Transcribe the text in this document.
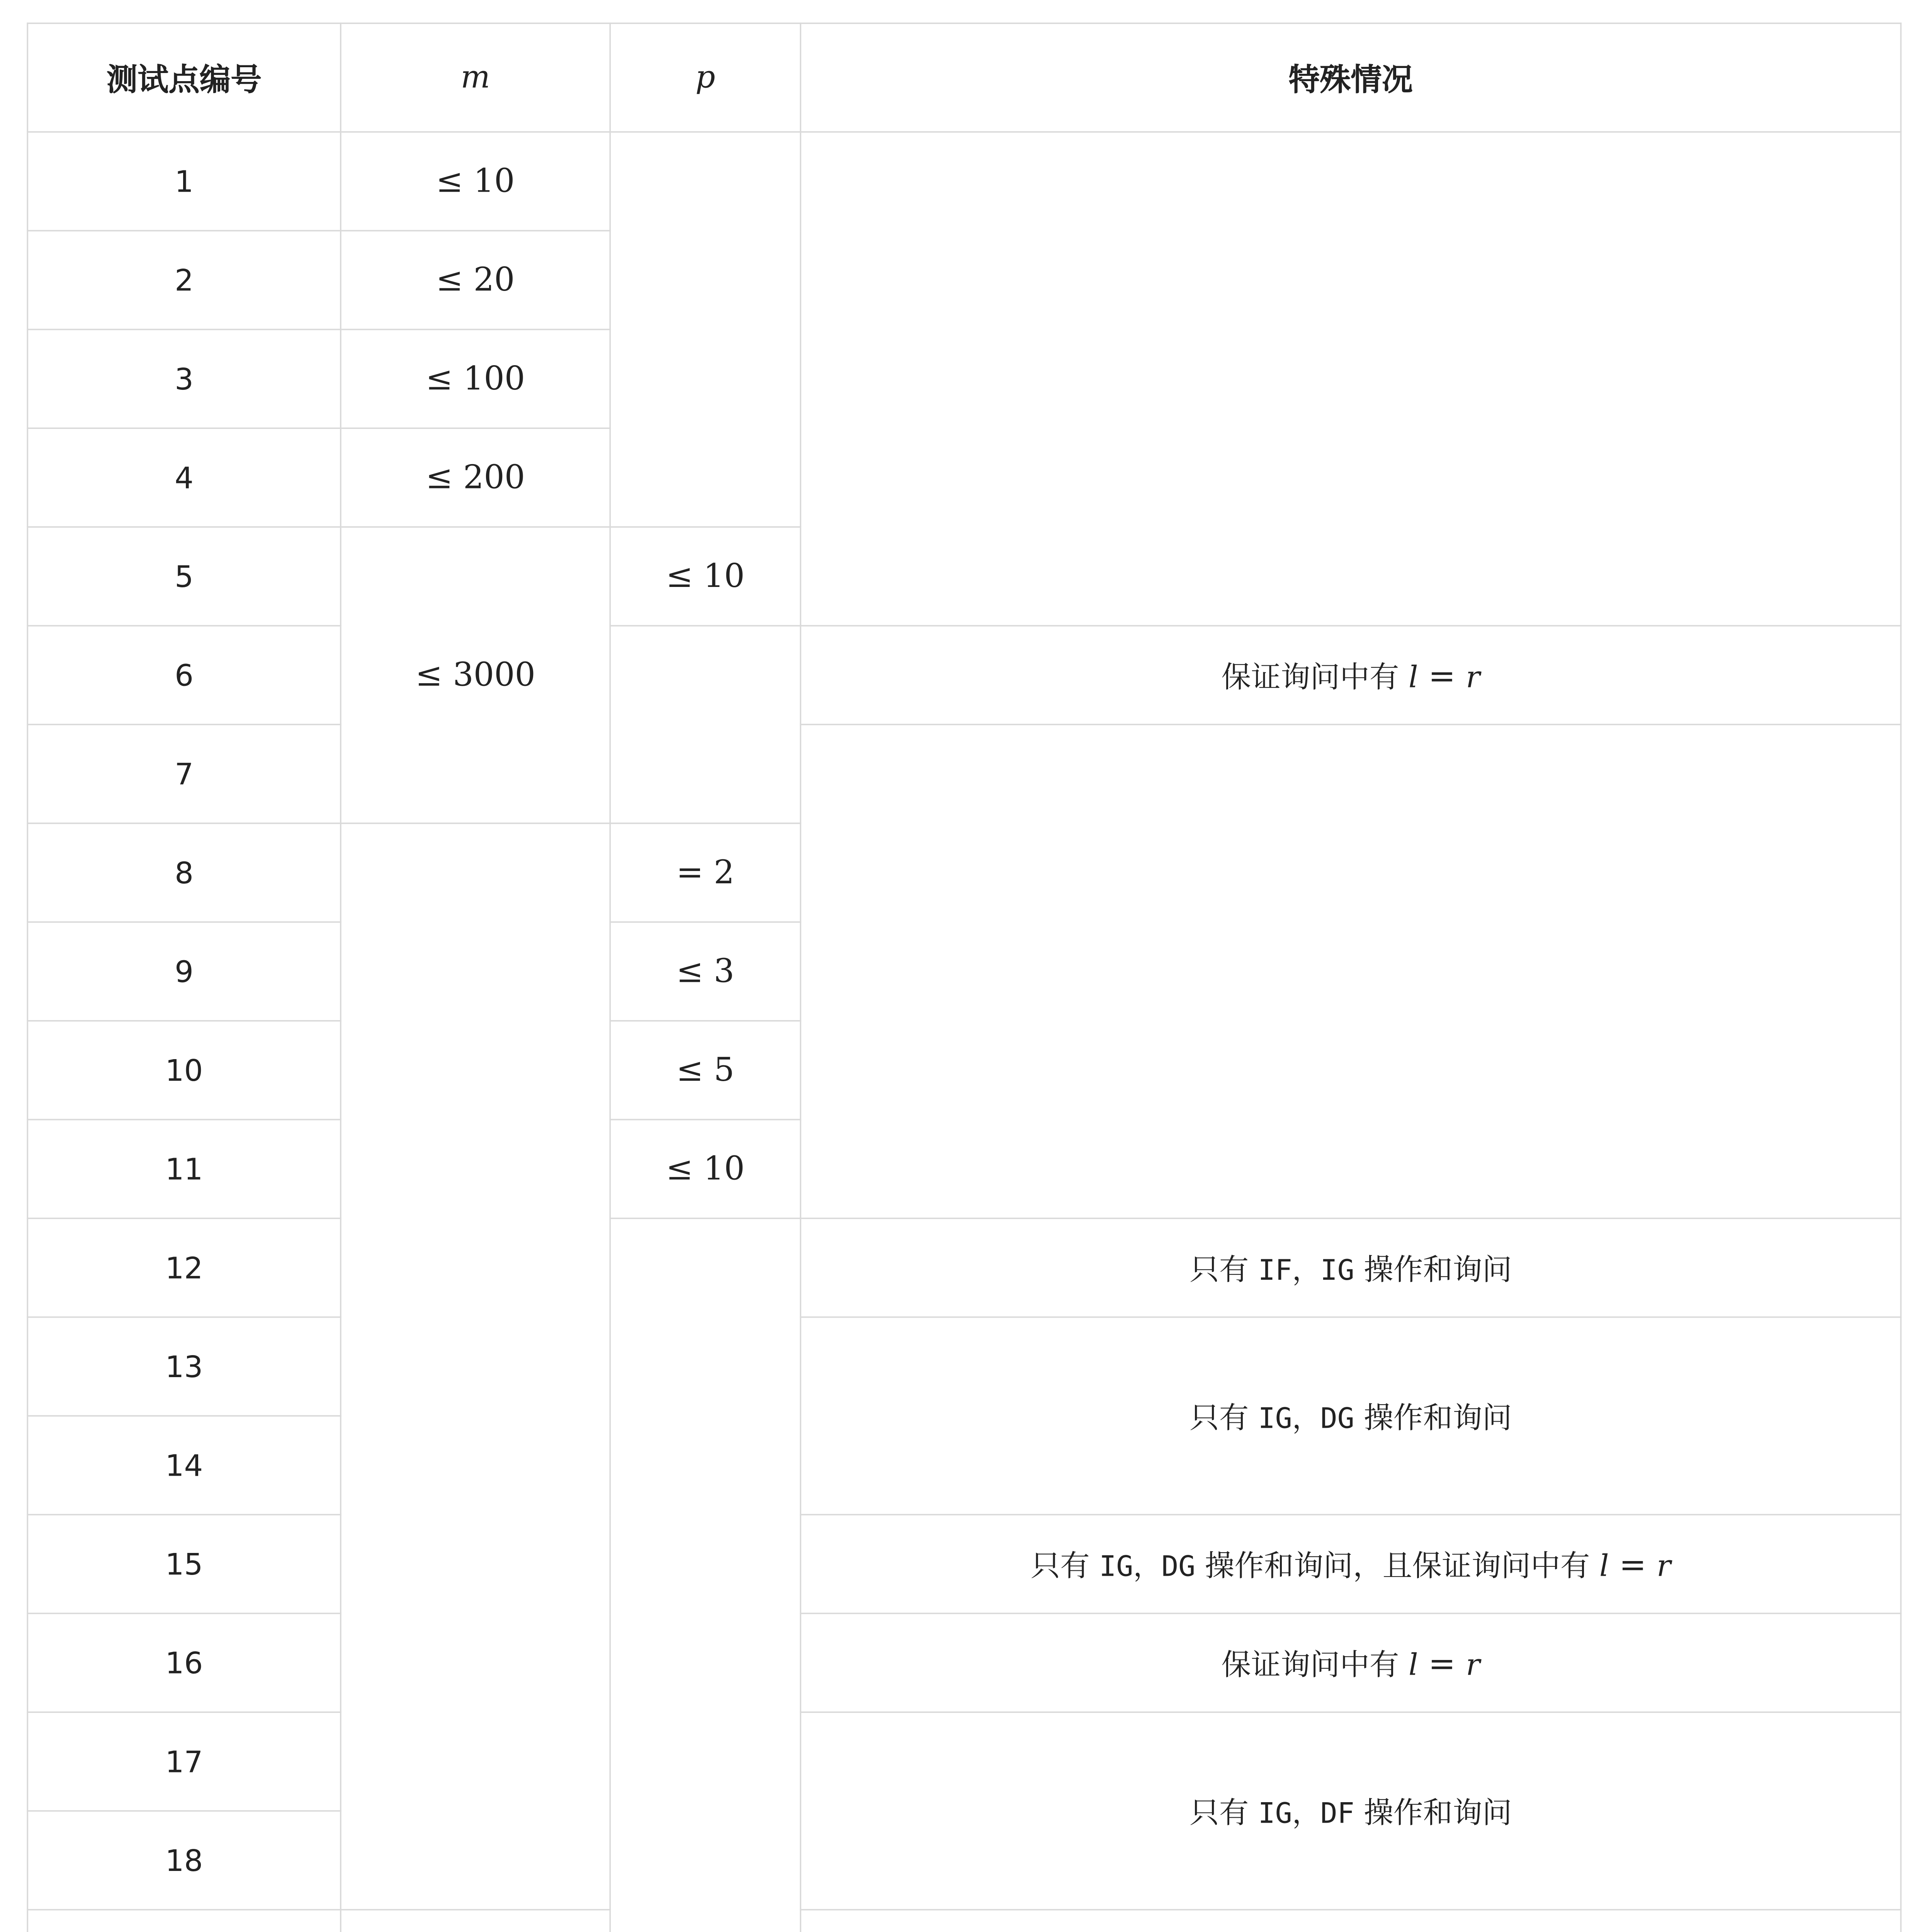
测试点编号	m	p	特殊情况
1	≤ 10		
2	≤ 20		
3	≤ 100		
4	≤ 200		
5	≤ 3000	≤ 10	
6			保证询问中有 l = r
7			
8		= 2	
9		≤ 3	
10		≤ 5	
11		≤ 10	
12			只有 IF，IG 操作和询问
13			只有 IG，DG 操作和询问
14			
15			只有 IG，DG 操作和询问，且保证询问中有 l = r
16			保证询问中有 l = r
17			只有 IG，DF 操作和询问
18			
